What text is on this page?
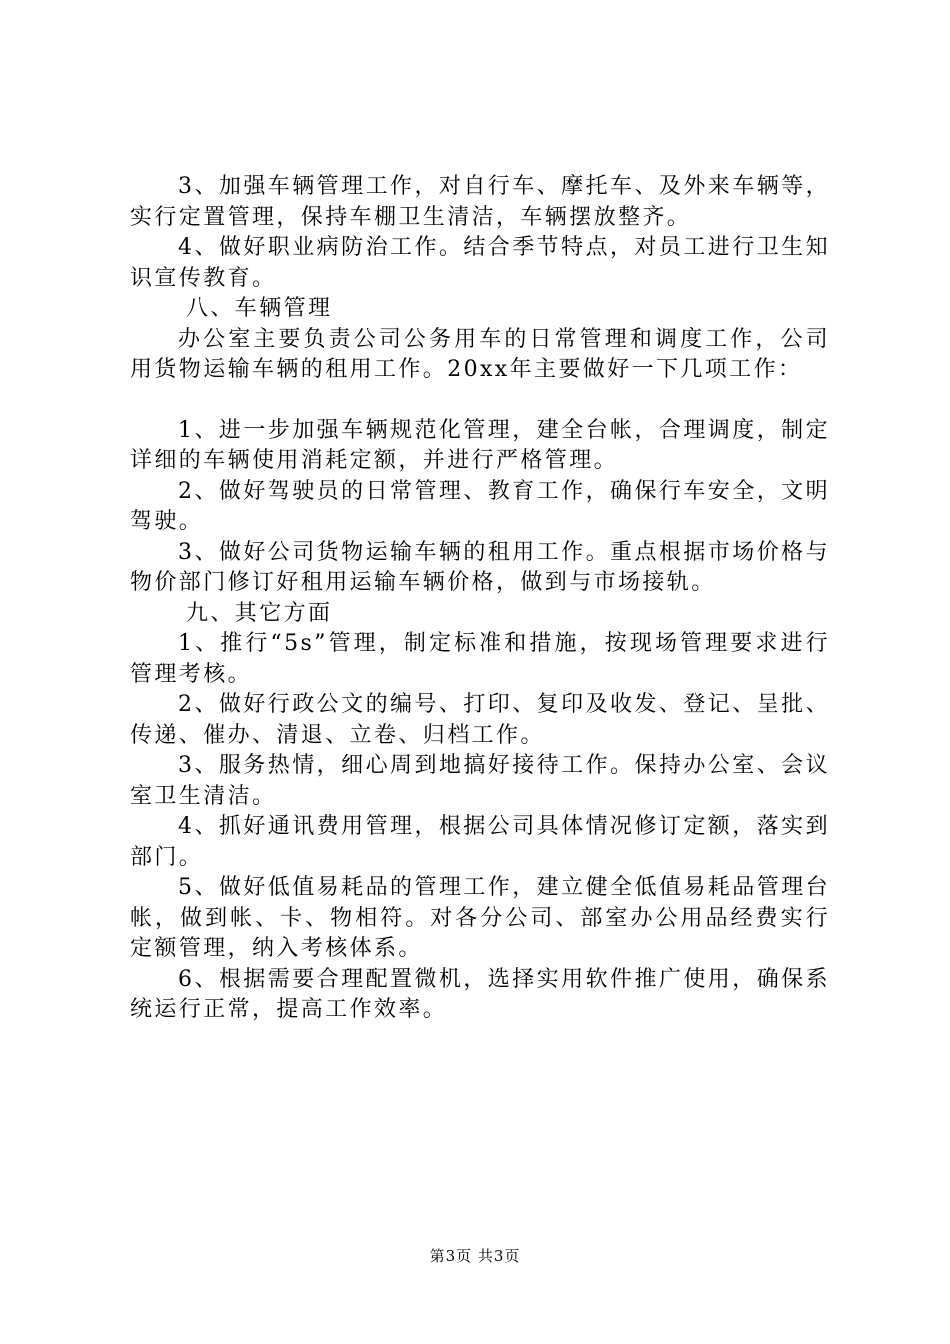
3、加强车辆管理工作，对自行车、摩托车、及外来车辆等，实行定置管理，保持车棚卫生清洁，车辆摆放整齐。

4、做好职业病防治工作。结合季节特点，对员工进行卫生知识宣传教育。

八、车辆管理

办公室主要负责公司公务用车的日常管理和调度工作，公司用货物运输车辆的租用工作。20xx年主要做好一下几项工作：

1、进一步加强车辆规范化管理，建全台帐，合理调度，制定详细的车辆使用消耗定额，并进行严格管理。

2、做好驾驶员的日常管理、教育工作，确保行车安全，文明驾驶。

3、做好公司货物运输车辆的租用工作。重点根据市场价格与物价部门修订好租用运输车辆价格，做到与市场接轨。

九、其它方面

1、推行“5s”管理，制定标准和措施，按现场管理要求进行管理考核。

2、做好行政公文的编号、打印、复印及收发、登记、呈批、传递、催办、清退、立卷、归档工作。

3、服务热情，细心周到地搞好接待工作。保持办公室、会议室卫生清洁。

4、抓好通讯费用管理，根据公司具体情况修订定额，落实到部门。

5、做好低值易耗品的管理工作，建立健全低值易耗品管理台帐，做到帐、卡、物相符。对各分公司、部室办公用品经费实行定额管理，纳入考核体系。

6、根据需要合理配置微机，选择实用软件推广使用，确保系统运行正常，提高工作效率。

第3页 共3页
